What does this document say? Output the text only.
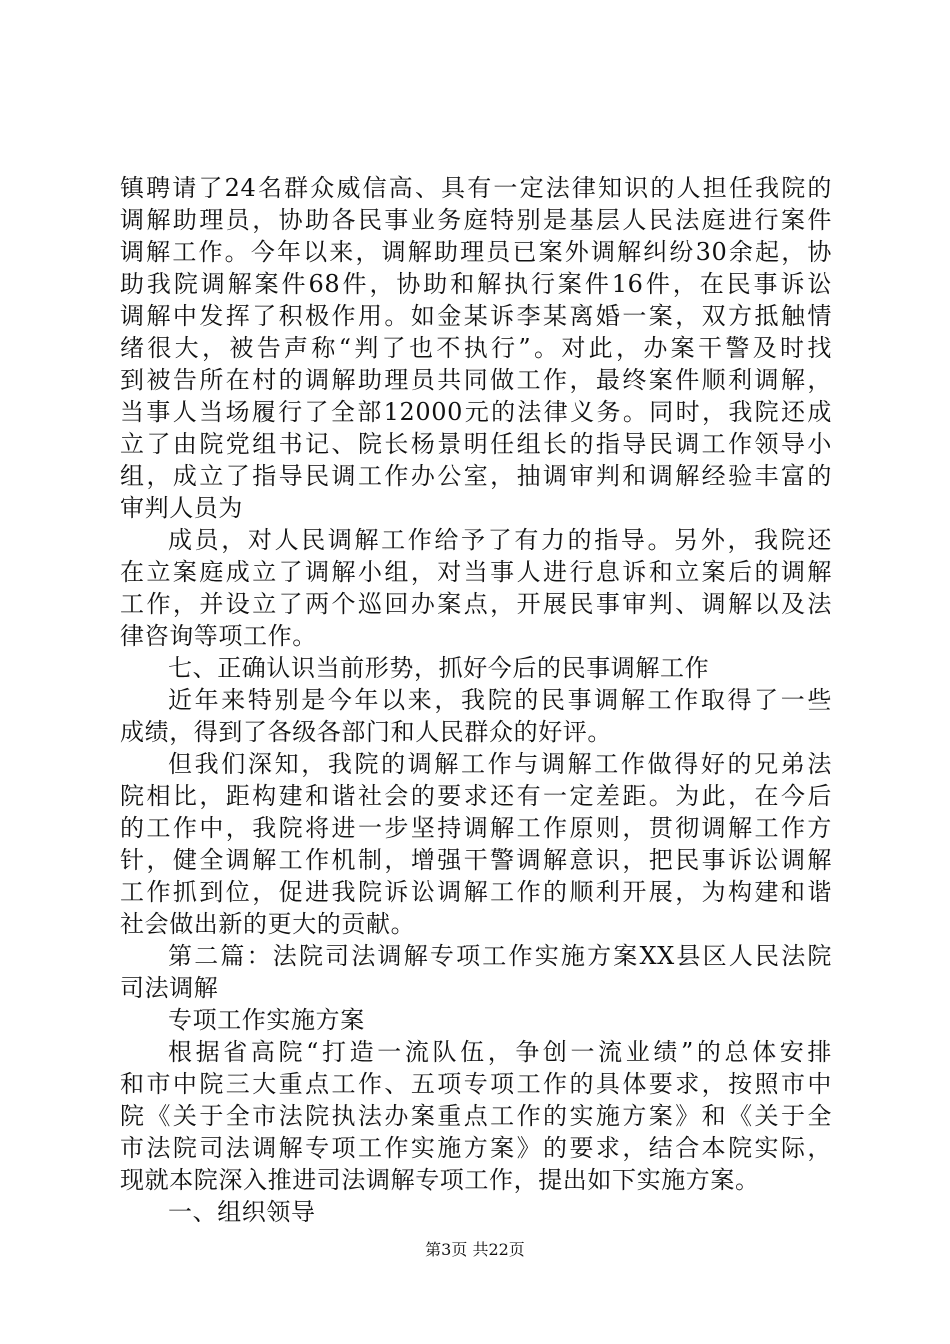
镇聘请了24名群众威信高、具有一定法律知识的人担任我院的
调解助理员，协助各民事业务庭特别是基层人民法庭进行案件
调解工作。今年以来，调解助理员已案外调解纠纷30余起，协
助我院调解案件68件，协助和解执行案件16件，在民事诉讼
调解中发挥了积极作用。如金某诉李某离婚一案，双方抵触情
绪很大，被告声称“判了也不执行”。对此，办案干警及时找
到被告所在村的调解助理员共同做工作，最终案件顺利调解，
当事人当场履行了全部12000元的法律义务。同时，我院还成
立了由院党组书记、院长杨景明任组长的指导民调工作领导小
组，成立了指导民调工作办公室，抽调审判和调解经验丰富的
审判人员为
成员，对人民调解工作给予了有力的指导。另外，我院还
在立案庭成立了调解小组，对当事人进行息诉和立案后的调解
工作，并设立了两个巡回办案点，开展民事审判、调解以及法
律咨询等项工作。
七、正确认识当前形势，抓好今后的民事调解工作
近年来特别是今年以来，我院的民事调解工作取得了一些
成绩，得到了各级各部门和人民群众的好评。
但我们深知，我院的调解工作与调解工作做得好的兄弟法
院相比，距构建和谐社会的要求还有一定差距。为此，在今后
的工作中，我院将进一步坚持调解工作原则，贯彻调解工作方
针，健全调解工作机制，增强干警调解意识，把民事诉讼调解
工作抓到位，促进我院诉讼调解工作的顺利开展，为构建和谐
社会做出新的更大的贡献。
第二篇：法院司法调解专项工作实施方案XX县区人民法院
司法调解
专项工作实施方案
根据省高院“打造一流队伍，争创一流业绩”的总体安排
和市中院三大重点工作、五项专项工作的具体要求，按照市中
院《关于全市法院执法办案重点工作的实施方案》和《关于全
市法院司法调解专项工作实施方案》的要求，结合本院实际，
现就本院深入推进司法调解专项工作，提出如下实施方案。
一、组织领导
第3页 共22页
